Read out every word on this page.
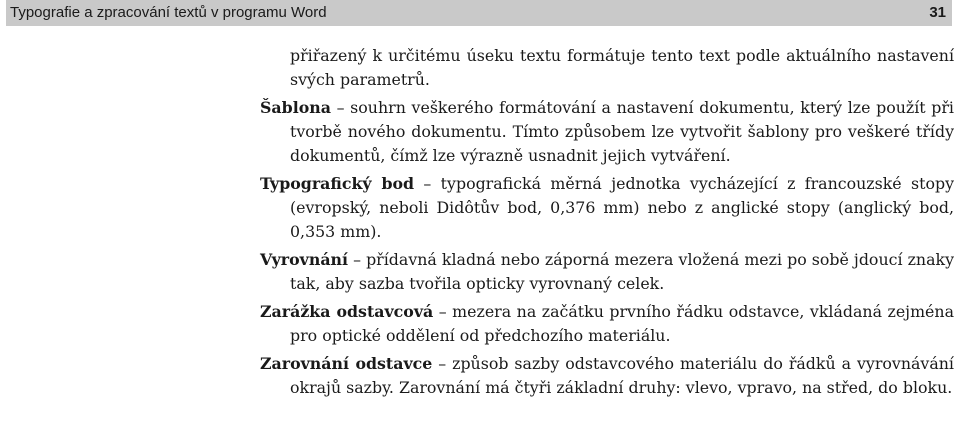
Typografie a zpracování textů v programu Word	31

přiřazený k určitému úseku textu formátuje tento text podle aktuálního nastavení svých parametrů.

Šablona – souhrn veškerého formátování a nastavení dokumentu, který lze použít při tvorbě nového dokumentu. Tímto způsobem lze vytvořit šablony pro veškeré třídy dokumentů, čímž lze výrazně usnadnit jejich vytváření.

Typografický bod – typografická měrná jednotka vycházející z francouzské stopy (evropský, neboli Didôtův bod, 0,376 mm) nebo z anglické stopy (anglický bod, 0,353 mm).

Vyrovnání – přídavná kladná nebo záporná mezera vložená mezi po sobě jdoucí znaky tak, aby sazba tvořila opticky vyrovnaný celek.

Zarážka odstavcová – mezera na začátku prvního řádku odstavce, vkládaná zejména pro optické oddělení od předchozího materiálu.

Zarovnání odstavce – způsob sazby odstavcového materiálu do řádků a vyrovnávání okrajů sazby. Zarovnání má čtyři základní druhy: vlevo, vpravo, na střed, do bloku.
